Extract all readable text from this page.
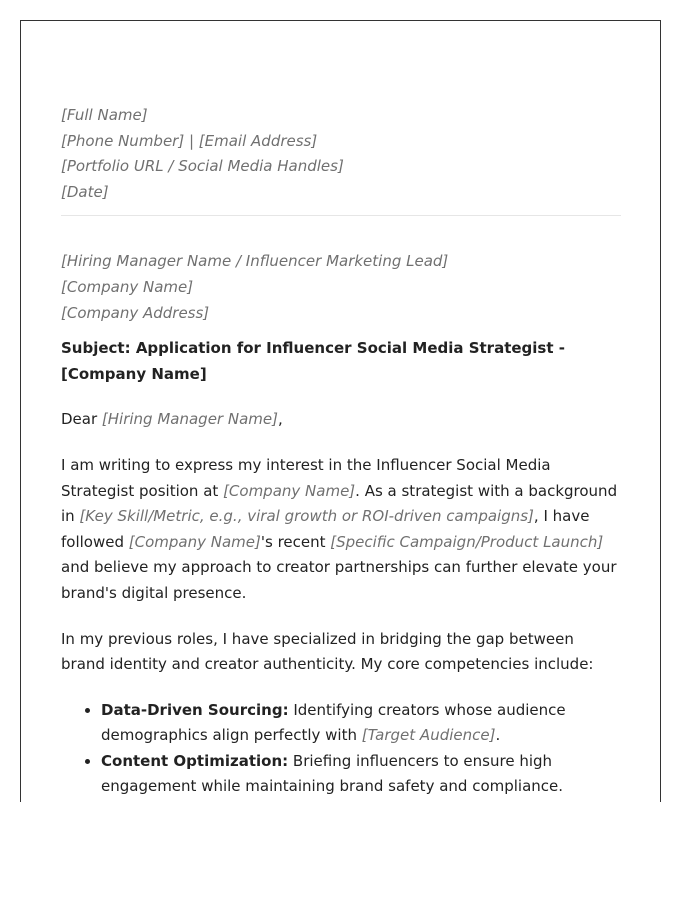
[Full Name]
[Phone Number] | [Email Address]
[Portfolio URL / Social Media Handles]
[Date]
[Hiring Manager Name / Influencer Marketing Lead]
[Company Name]
[Company Address]

Subject: Application for Influencer Social Media Strategist - [Company Name]

Dear [Hiring Manager Name],

I am writing to express my interest in the Influencer Social Media Strategist position at [Company Name]. As a strategist with a background in [Key Skill/Metric, e.g., viral growth or ROI-driven campaigns], I have followed [Company Name]'s recent [Specific Campaign/Product Launch] and believe my approach to creator partnerships can further elevate your brand's digital presence.

In my previous roles, I have specialized in bridging the gap between brand identity and creator authenticity. My core competencies include:

• Data-Driven Sourcing: Identifying creators whose audience demographics align perfectly with [Target Audience].
• Content Optimization: Briefing influencers to ensure high engagement while maintaining brand safety and compliance.
